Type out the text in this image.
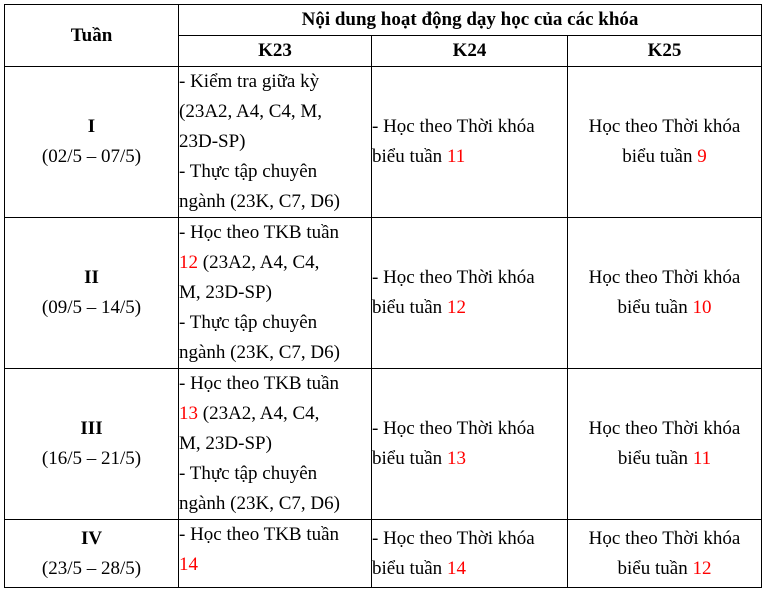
Tuần	Nội dung hoạt động dạy học của các khóa		
	K23	K24	K25

I
(02/5 – 07/5)	- Kiểm tra giữa kỳ
(23A2, A4, C4, M,
23D-SP)
- Thực tập chuyên
ngành (23K, C7, D6)	- Học theo Thời khóa
biểu tuần 11	Học theo Thời khóa
biểu tuần 9

II
(09/5 – 14/5)	- Học theo TKB tuần
12 (23A2, A4, C4,
M, 23D-SP)
- Thực tập chuyên
ngành (23K, C7, D6)	- Học theo Thời khóa
biểu tuần 12	Học theo Thời khóa
biểu tuần 10

III
(16/5 – 21/5)	- Học theo TKB tuần
13 (23A2, A4, C4,
M, 23D-SP)
- Thực tập chuyên
ngành (23K, C7, D6)	- Học theo Thời khóa
biểu tuần 13	Học theo Thời khóa
biểu tuần 11

IV
(23/5 – 28/5)	- Học theo TKB tuần
14	- Học theo Thời khóa
biểu tuần 14	Học theo Thời khóa
biểu tuần 12
